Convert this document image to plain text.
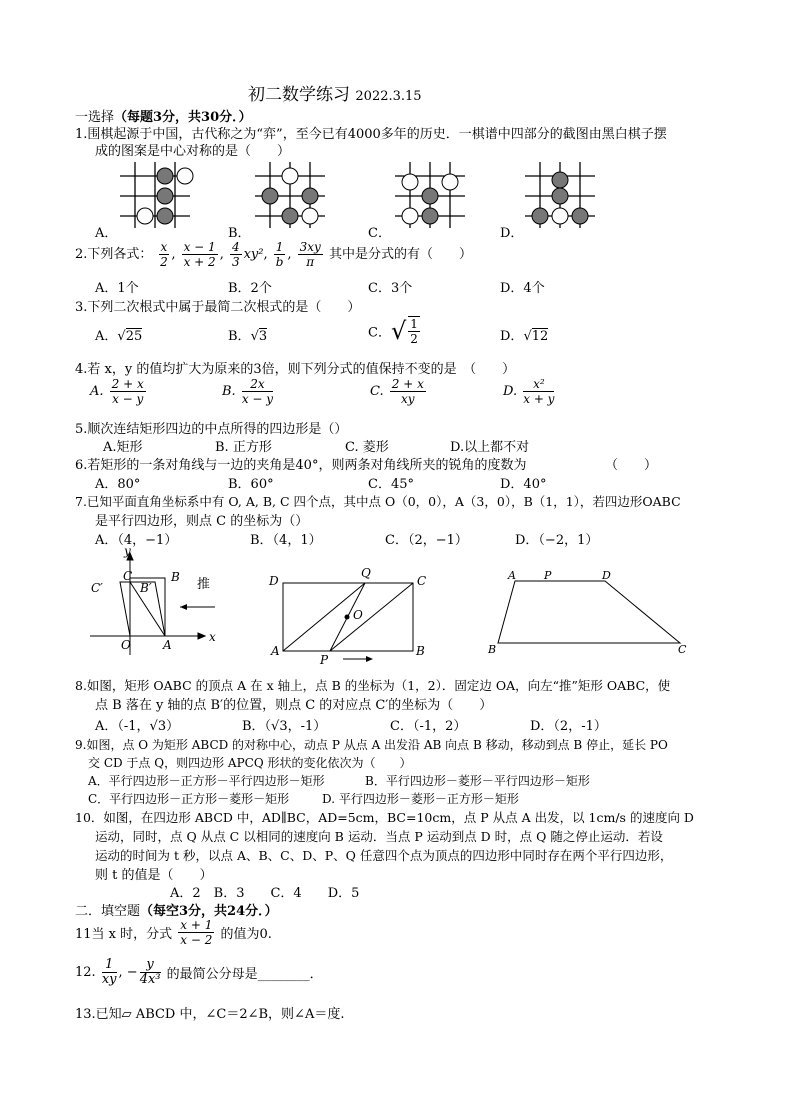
初二数学练习 2022.3.15
一选择（每题3分，共30分．）
1.围棋起源于中国，古代称之为“弈”，至今已有4000多年的历史．一棋谱中四部分的截图由黑白棋子摆
成的图案是中心对称的是（　　）
A．	B．	C．	D．
2.下列各式： $\frac{x}{2}$ , $\frac{x - 1}{x + 2}$ , $\frac{4}{3} xy^2$, $\frac{1}{b}$ , $\frac{3xy}{\pi}$ 其中是分式的有（　　）
A．1个	B．2个	C．3个	D．4个
3.下列二次根式中属于最简二次根式的是（　　）
A．√25	B．√3	C．√ $\frac{1}{2}$	D．√12
4.若 x，y 的值均扩大为原来的3倍，则下列分式的值保持不变的是　（　　）
A. $\frac{2 + x}{x - y}$	B. $\frac{2x}{x - y}$	C. $\frac{2 + x}{xy}$	D. $\frac{\text{x²}}{x + y}$
5.顺次连结矩形四边的中点所得的四边形是（）
A.矩形	B. 正方形	C. 菱形	D.以上都不对
6.若矩形的一条对角线与一边的夹角是40°，则两条对角线所夹的锐角的度数为	（　　）
A．80°	B．60°	C．45°	D．40°
7.已知平面直角坐标系中有 O, A, B, C 四个点，其中点 O（0，0），A（3，0），B（1，1），若四边形OABC
是平行四边形，则点 C 的坐标为（）
A．（4，−1）	B．（4，1）	C．（2，−1）	D．（−2，1）
y
x
C′
C
B′
B
O	A
推	D
Q
C
O
A
P
B
A	P	D
B	C
8.如图，矩形 OABC 的顶点 A 在 x 轴上，点 B 的坐标为（1，2）．固定边 OA，向左“推”矩形 OABC，使
点 B 落在 y 轴的点 B′的位置，则点 C 的对应点 C′的坐标为（　　）
A．（-1，√3）	B．（√3，-1）	C．（-1，2）	D．（2，-1）
9.如图，点 O 为矩形 ABCD 的对称中心，动点 P 从点 A 出发沿 AB 向点 B 移动，移动到点 B 停止，延长 PO
交 CD 于点 Q，则四边形 APCQ 形状的变化依次为（　　）
A．平行四边形－正方形－平行四边形－矩形	B．平行四边形－菱形－平行四边形－矩形
C．平行四边形－正方形－菱形－矩形	D. 平行四边形－菱形－正方形－矩形
10．如图，在四边形 ABCD 中，AD∥BC，AD=5cm，BC=10cm，点 P 从点 A 出发，以 1cm/s 的速度向 D
运动，同时，点 Q 从点 C 以相同的速度向 B 运动．当点 P 运动到点 D 时，点 Q 随之停止运动．若设
运动的时间为 t 秒，以点 A、B、C、D、P、Q 任意四个点为顶点的四边形中同时存在两个平行四边形，
则 t 的值是（　　）
A．2　B．3　　C．4　　D．5
二．填空题（每空3分，共24分．）
11当 x 时，分式 $\frac{x + 1}{x - 2}$ 的值为0.
12. $\frac{1}{xy}$ , − $\frac{y}{\text{4x³}}$ 的最简公分母是________．
13.已知▱ ABCD 中，∠C＝2∠B，则∠A＝度.
